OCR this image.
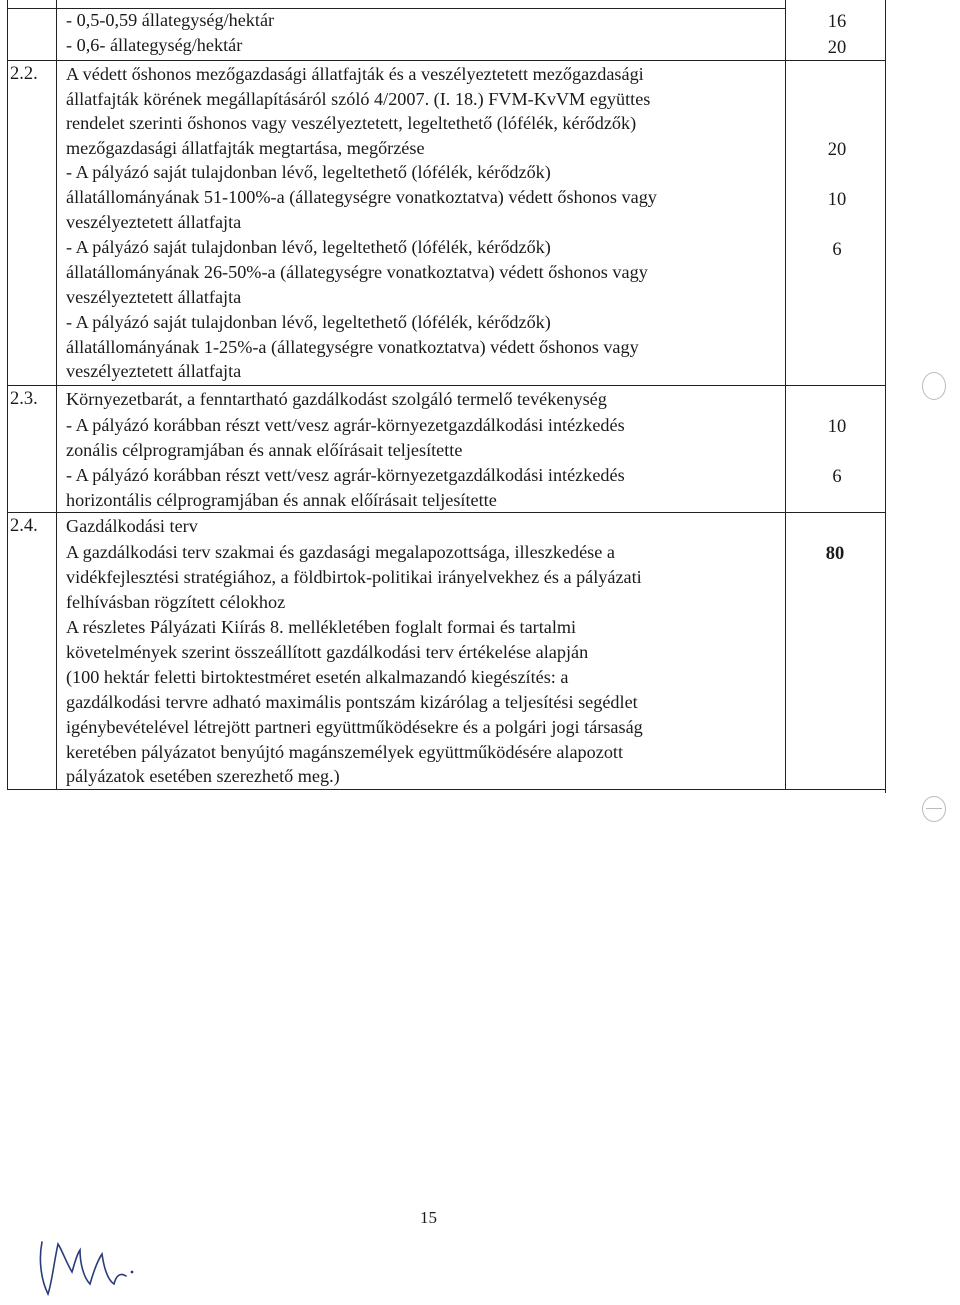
- 0,5-0,59 állategység/hektár
- 0,6- állategység/hektár
16
20
2.2. A védett őshonos mezőgazdasági állatfajták és a veszélyeztetett mezőgazdasági
állatfajták körének megállapításáról szóló 4/2007. (I. 18.) FVM-KvVM együttes
rendelet szerinti őshonos vagy veszélyeztetett, legeltethető (lófélék, kérődzők)
mezőgazdasági állatfajták megtartása, megőrzése
- A pályázó saját tulajdonban lévő, legeltethető (lófélék, kérődzők)
állatállományának 51-100%-a (állategységre vonatkoztatva) védett őshonos vagy
veszélyeztetett állatfajta
- A pályázó saját tulajdonban lévő, legeltethető (lófélék, kérődzők)
állatállományának 26-50%-a (állategységre vonatkoztatva) védett őshonos vagy
veszélyeztetett állatfajta
- A pályázó saját tulajdonban lévő, legeltethető (lófélék, kérődzők)
állatállományának 1-25%-a (állategységre vonatkoztatva) védett őshonos vagy
veszélyeztetett állatfajta
20
10
6
2.3. Környezetbarát, a fenntartható gazdálkodást szolgáló termelő tevékenység
- A pályázó korábban részt vett/vesz agrár-környezetgazdálkodási intézkedés
zonális célprogramjában és annak előírásait teljesítette
- A pályázó korábban részt vett/vesz agrár-környezetgazdálkodási intézkedés
horizontális célprogramjában és annak előírásait teljesítette
10
6
2.4. Gazdálkodási terv
A gazdálkodási terv szakmai és gazdasági megalapozottsága, illeszkedése a
vidékfejlesztési stratégiához, a földbirtok-politikai irányelvekhez és a pályázati
felhívásban rögzített célokhoz
A részletes Pályázati Kiírás 8. mellékletében foglalt formai és tartalmi
követelmények szerint összeállított gazdálkodási terv értékelése alapján
(100 hektár feletti birtoktestméret esetén alkalmazandó kiegészítés: a
gazdálkodási tervre adható maximális pontszám kizárólag a teljesítési segédlet
igénybevételével létrejött partneri együttműködésekre és a polgári jogi társaság
keretében pályázatot benyújtó magánszemélyek együttműködésére alapozott
pályázatok esetében szerezhető meg.)
80
15
